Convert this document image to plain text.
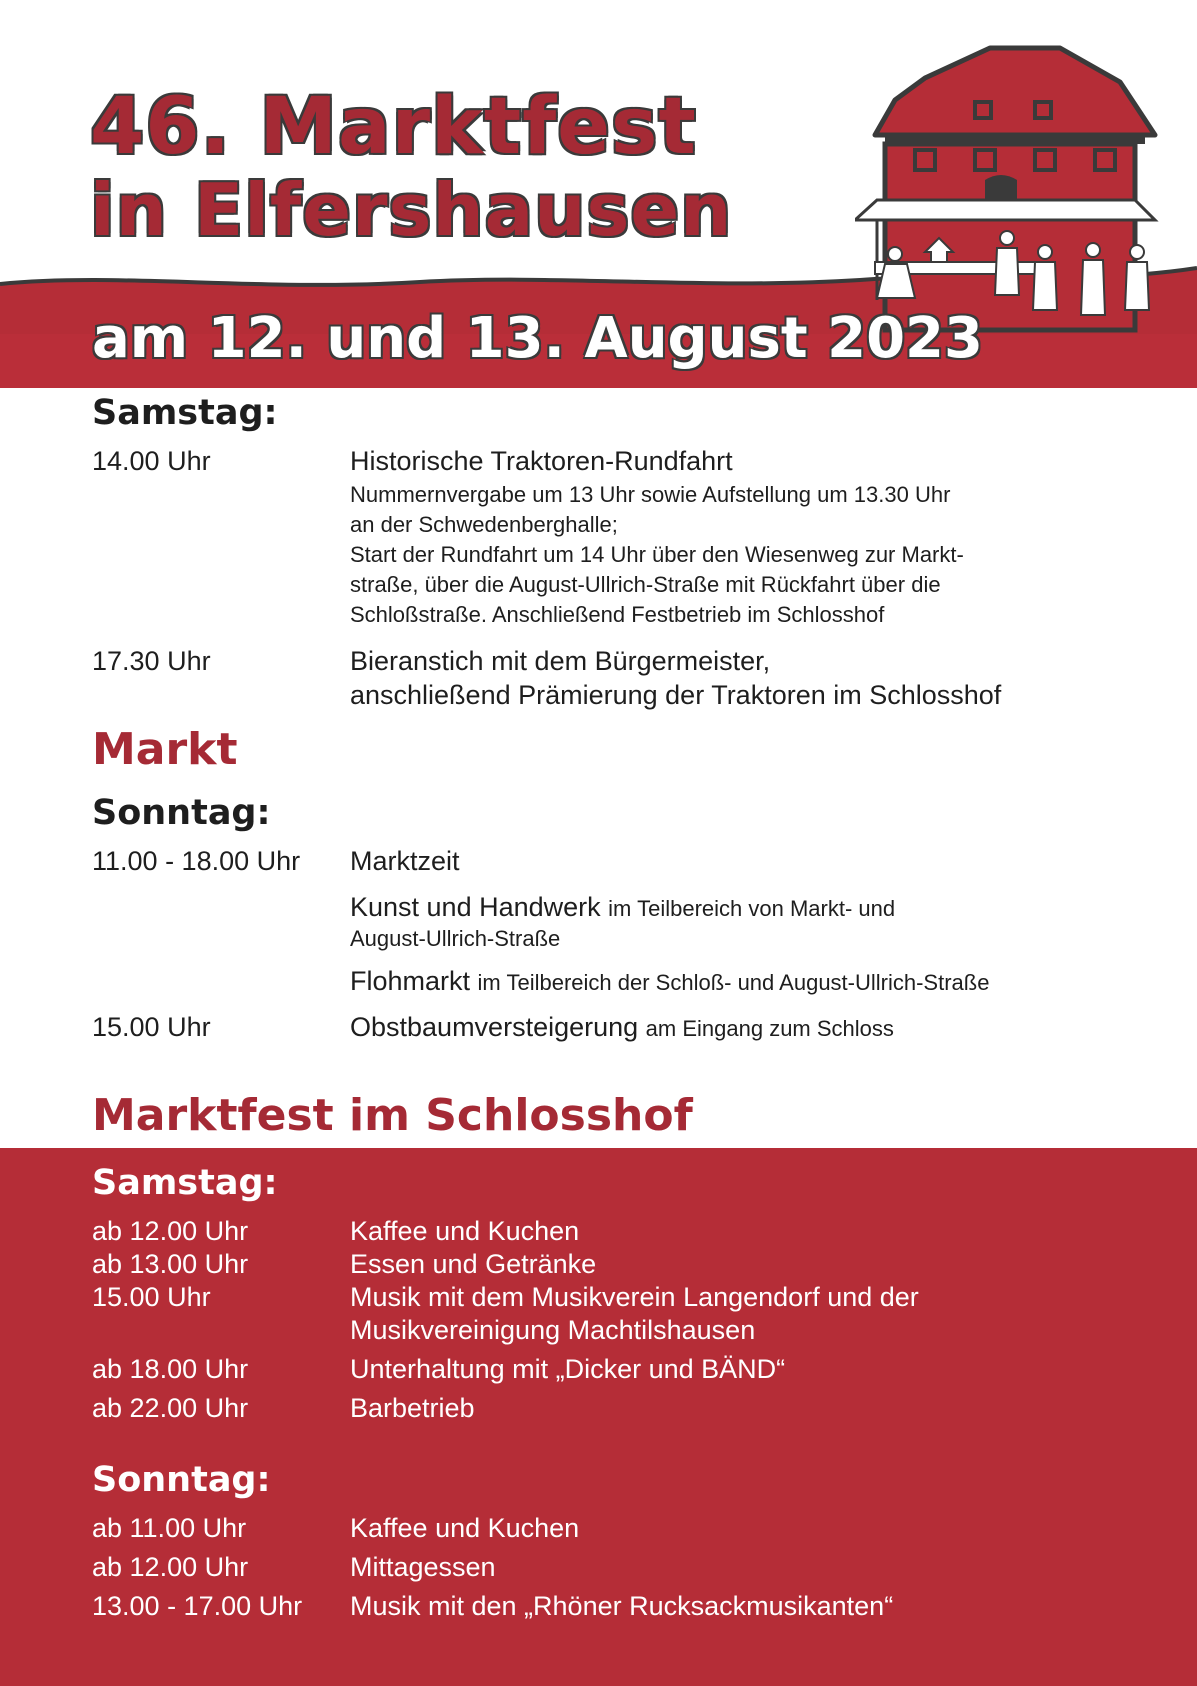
46. Marktfest
in Elfershausen
am 12. und 13. August 2023
Samstag:
14.00 Uhr	Historische Traktoren-Rundfahrt
Nummernvergabe um 13 Uhr sowie Aufstellung um 13.30 Uhr
an der Schwedenberghalle;
Start der Rundfahrt um 14 Uhr über den Wiesenweg zur Markt-
straße, über die August-Ullrich-Straße mit Rückfahrt über die
Schloßstraße. Anschließend Festbetrieb im Schlosshof
17.30 Uhr	Bieranstich mit dem Bürgermeister,
anschließend Prämierung der Traktoren im Schlosshof
Markt
Sonntag:
11.00 - 18.00 Uhr Marktzeit
Kunst und Handwerk im Teilbereich von Markt- und
August-Ullrich-Straße
Flohmarkt im Teilbereich der Schloß- und August-Ullrich-Straße
15.00 Uhr	Obstbaumversteigerung am Eingang zum Schloss
Marktfest im Schlosshof
Samstag:
ab 12.00 Uhr	Kaffee und Kuchen
ab 13.00 Uhr	Essen und Getränke
15.00 Uhr	Musik mit dem Musikverein Langendorf und der
Musikvereinigung Machtilshausen
ab 18.00 Uhr	Unterhaltung mit „Dicker und BÄND“
ab 22.00 Uhr	Barbetrieb
Sonntag:
ab 11.00 Uhr	Kaffee und Kuchen
ab 12.00 Uhr	Mittagessen
13.00 - 17.00 Uhr Musik mit den „Rhöner Rucksackmusikanten“
